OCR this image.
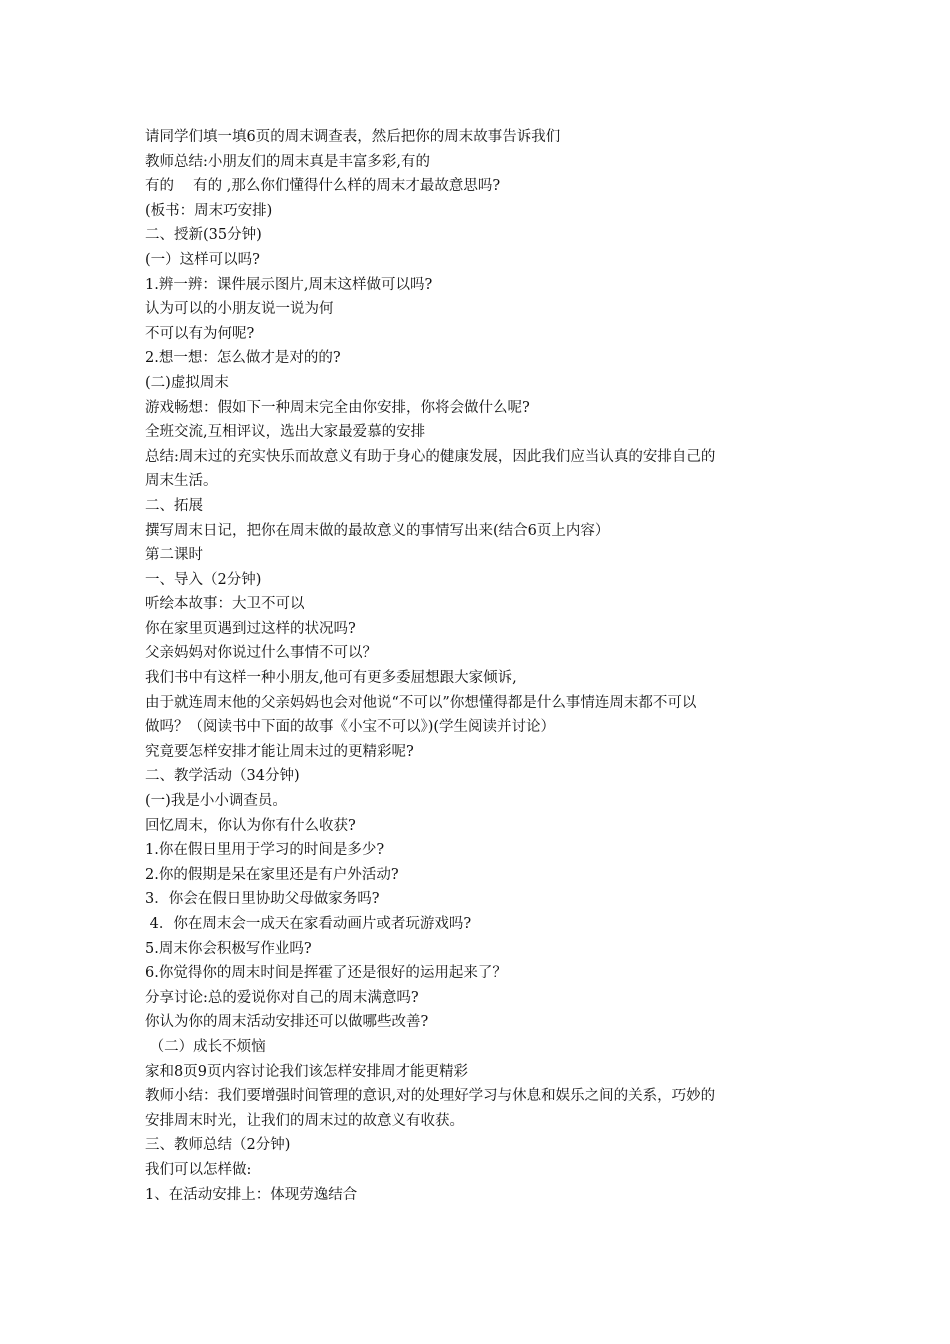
请同学们填一填6页的周末调查表，然后把你的周末故事告诉我们
教师总结:小朋友们的周末真是丰富多彩,有的
有的　 有的 ,那么你们懂得什么样的周末才最故意思吗?
(板书：周末巧安排)
二、授新(35分钟)
(一）这样可以吗?
1.辨一辨：课件展示图片,周末这样做可以吗?
认为可以的小朋友说一说为何
不可以有为何呢?
2.想一想：怎么做才是对的的?
(二)虚拟周末
游戏畅想：假如下一种周末完全由你安排，你将会做什么呢?
全班交流,互相评议，选出大家最爱慕的安排
总结:周末过的充实快乐而故意义有助于身心的健康发展，因此我们应当认真的安排自己的
周末生活。
二、拓展
撰写周末日记，把你在周末做的最故意义的事情写出来(结合6页上内容）
第二课时
一、导入（2分钟)
听绘本故事：大卫不可以
你在家里页遇到过这样的状况吗?
父亲妈妈对你说过什么事情不可以？
我们书中有这样一种小朋友,他可有更多委屈想跟大家倾诉,
由于就连周末他的父亲妈妈也会对他说“不可以”你想懂得都是什么事情连周末都不可以
做吗？（阅读书中下面的故事《小宝不可以》)(学生阅读并讨论）
究竟要怎样安排才能让周末过的更精彩呢?
二、教学活动（34分钟)
(一)我是小小调查员。
回忆周末，你认为你有什么收获?
1.你在假日里用于学习的时间是多少?
2.你的假期是呆在家里还是有户外活动?
3．你会在假日里协助父母做家务吗?
4．你在周末会一成天在家看动画片或者玩游戏吗?
5.周末你会积极写作业吗?
6.你觉得你的周末时间是挥霍了还是很好的运用起来了？
分享讨论:总的爱说你对自己的周末满意吗?
你认为你的周末活动安排还可以做哪些改善?
（二）成长不烦恼
家和8页9页内容讨论我们该怎样安排周才能更精彩
教师小结：我们要增强时间管理的意识,对的处理好学习与休息和娱乐之间的关系，巧妙的
安排周末时光，让我们的周末过的故意义有收获。
三、教师总结（2分钟)
我们可以怎样做:
1、在活动安排上：体现劳逸结合
